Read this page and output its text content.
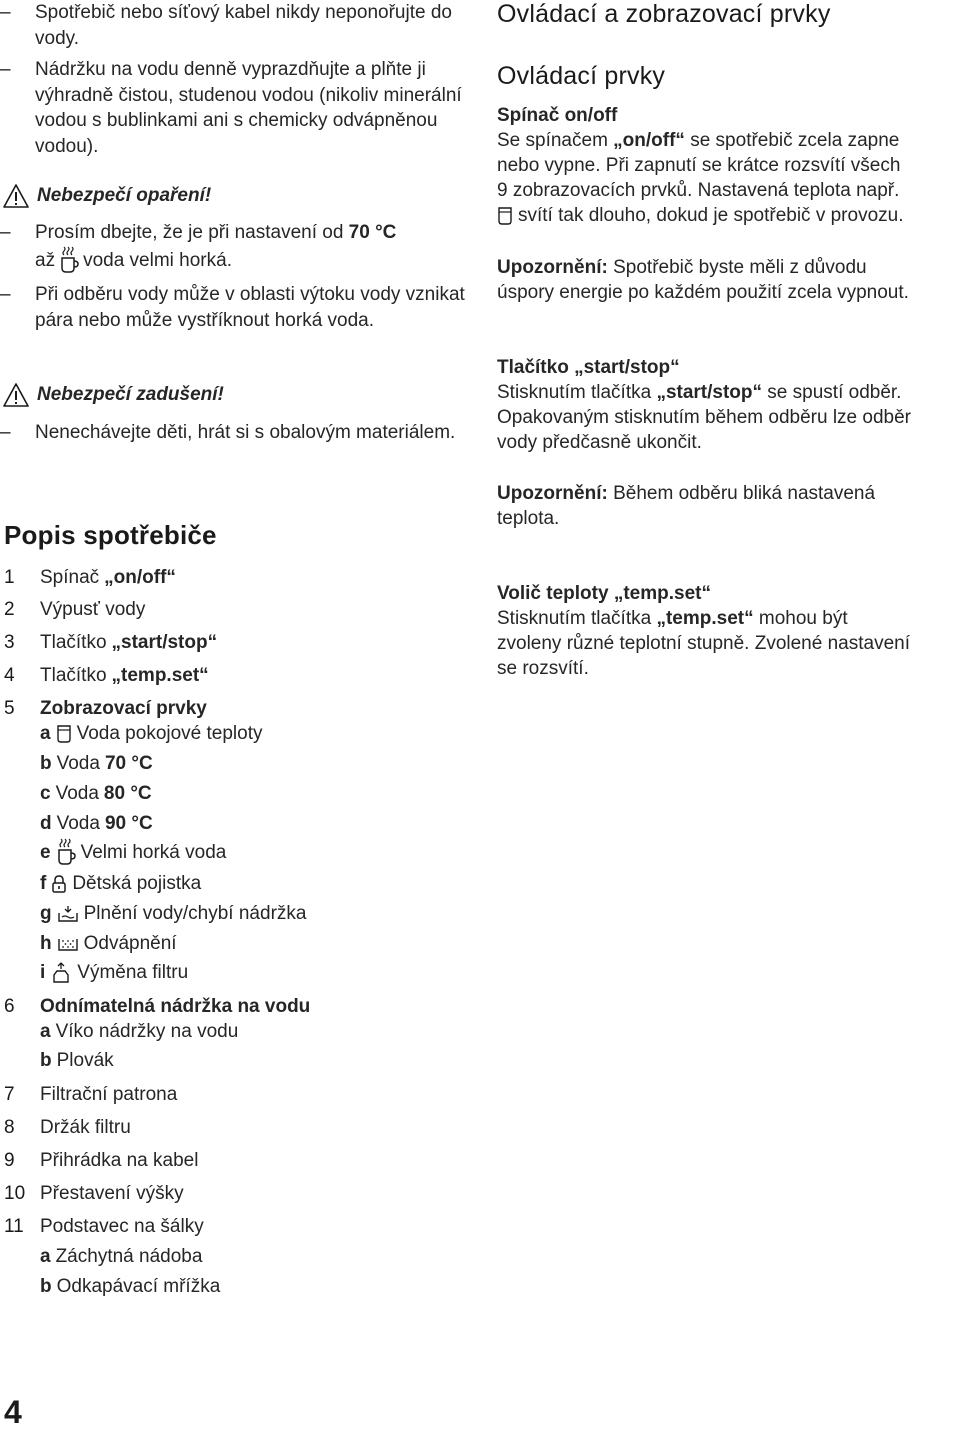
– Spotřebič nebo síťový kabel nikdy neponořujte do vody.
– Nádržku na vodu denně vyprazdňujte a plňte ji výhradně čistou, studenou vodou (nikoliv minerální vodou s bublinkami ani s chemicky odvápněnou vodou).
Nebezpečí opaření!
– Prosím dbejte, že je při nastavení od 70 °C
až voda velmi horká.
– Při odběru vody může v oblasti výtoku vody vznikat pára nebo může vystříknout horká voda.
Nebezpečí zadušení!
– Nenechávejte děti, hrát si s obalovým materiálem.
Popis spotřebiče
1 Spínač „on/off“
2 Výpusť vody
3 Tlačítko „start/stop“
4 Tlačítko „temp.set“
5 Zobrazovací prvky
a Voda pokojové teploty
b Voda 70 °C
c Voda 80 °C
d Voda 90 °C
e Velmi horká voda
f Dětská pojistka
g Plnění vody/chybí nádržka
h Odvápnění
i Výměna filtru
6 Odnímatelná nádržka na vodu
a Víko nádržky na vodu
b Plovák
7 Filtrační patrona
8 Držák filtru
9 Přihrádka na kabel
10 Přestavení výšky
11 Podstavec na šálky
a Záchytná nádoba
b Odkapávací mřížka
4
Ovládací a zobrazovací prvky
Ovládací prvky
Spínač on/off
Se spínačem „on/off“ se spotřebič zcela zapne
nebo vypne. Při zapnutí se krátce rozsvítí všech
9 zobrazovacích prvků. Nastavená teplota např.
svítí tak dlouho, dokud je spotřebič v provozu.
Upozornění: Spotřebič byste měli z důvodu
úspory energie po každém použití zcela vypnout.
Tlačítko „start/stop“
Stisknutím tlačítka „start/stop“ se spustí odběr.
Opakovaným stisknutím během odběru lze odběr
vody předčasně ukončit.
Upozornění: Během odběru bliká nastavená
teplota.
Volič teploty „temp.set“
Stisknutím tlačítka „temp.set“ mohou být
zvoleny různé teplotní stupně. Zvolené nastavení
se rozsvítí.
